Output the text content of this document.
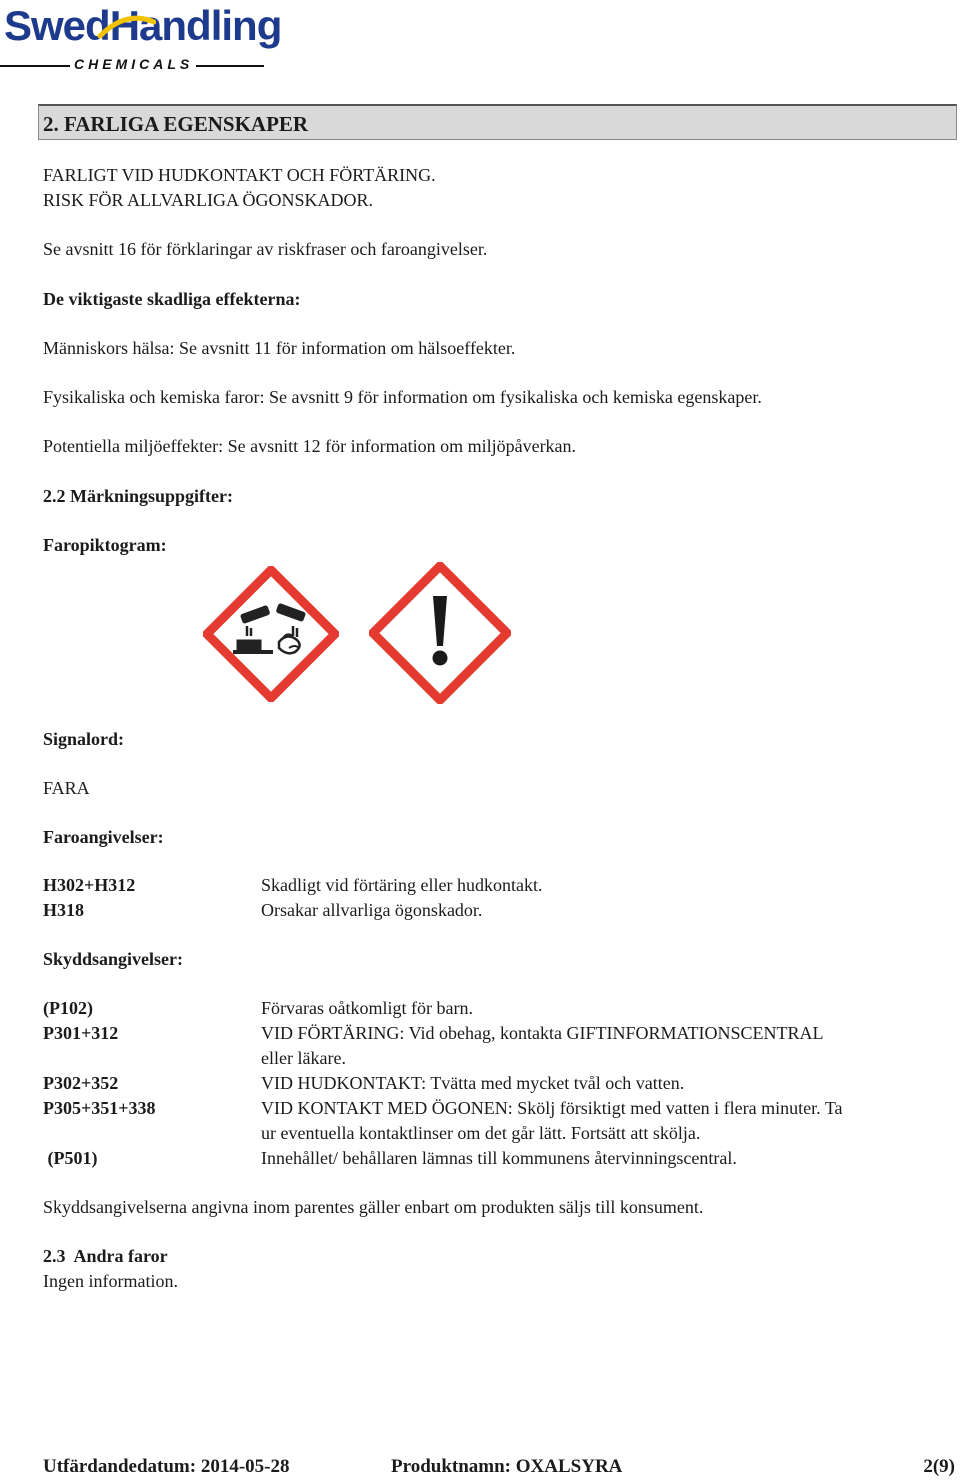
SwedHandling
CHEMICALS
2. FARLIGA EGENSKAPER
FARLIGT VID HUDKONTAKT OCH FÖRTÄRING.
RISK FÖR ALLVARLIGA ÖGONSKADOR.
Se avsnitt 16 för förklaringar av riskfraser och faroangivelser.
De viktigaste skadliga effekterna:
Människors hälsa: Se avsnitt 11 för information om hälsoeffekter.
Fysikaliska och kemiska faror: Se avsnitt 9 för information om fysikaliska och kemiska egenskaper.
Potentiella miljöeffekter: Se avsnitt 12 för information om miljöpåverkan.
2.2 Märkningsuppgifter:
Faropiktogram:
Signalord:
FARA
Faroangivelser:
H302+H312	Skadligt vid förtäring eller hudkontakt.
H318	Orsakar allvarliga ögonskador.
Skyddsangivelser:
(P102)	Förvaras oåtkomligt för barn.
P301+312	VID FÖRTÄRING: Vid obehag, kontakta GIFTINFORMATIONSCENTRAL
eller läkare.
P302+352	VID HUDKONTAKT: Tvätta med mycket tvål och vatten.
P305+351+338	VID KONTAKT MED ÖGONEN: Skölj försiktigt med vatten i flera minuter. Ta
ur eventuella kontaktlinser om det går lätt. Fortsätt att skölja.
(P501)	Innehållet/ behållaren lämnas till kommunens återvinningscentral.
Skyddsangivelserna angivna inom parentes gäller enbart om produkten säljs till konsument.
2.3  Andra faror
Ingen information.
Utfärdandedatum: 2014-05-28	Produktnamn: OXALSYRA	2(9)
